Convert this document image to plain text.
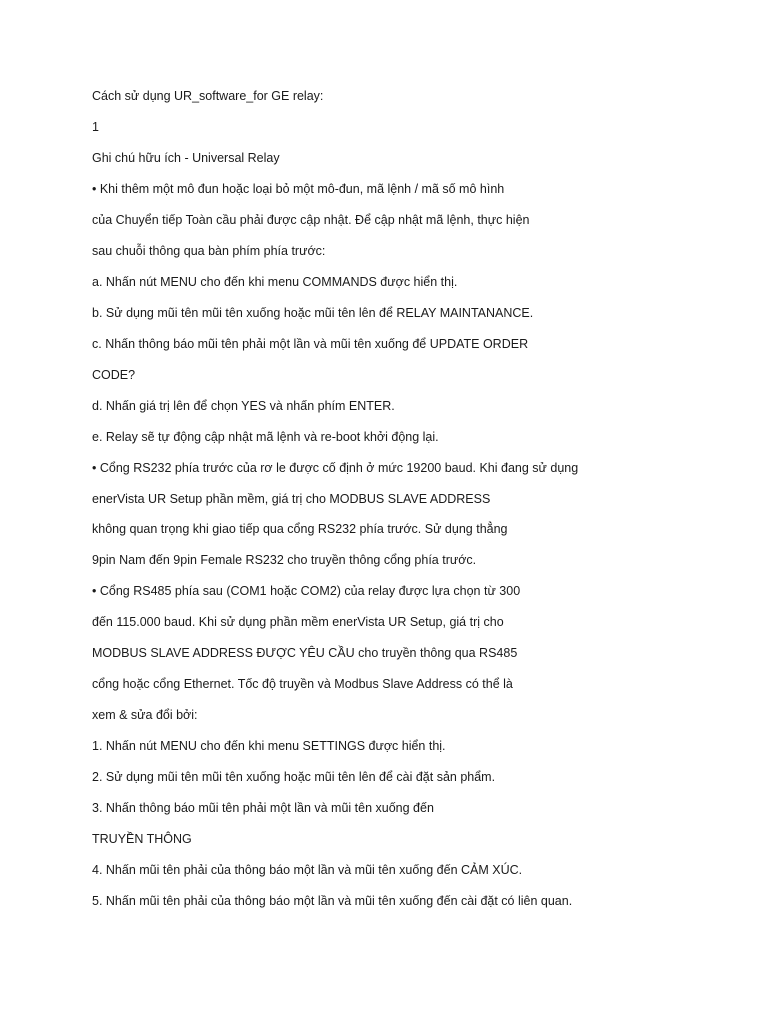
Cách sử dụng UR_software_for GE relay:

1

Ghi chú hữu ích - Universal Relay

• Khi thêm một mô đun hoặc loại bỏ một mô-đun, mã lệnh / mã số mô hình

của Chuyển tiếp Toàn cầu phải được cập nhật. Để cập nhật mã lệnh, thực hiện

sau chuỗi thông qua bàn phím phía trước:

a. Nhấn nút MENU cho đến khi menu COMMANDS được hiển thị.

b. Sử dụng mũi tên mũi tên xuống hoặc mũi tên lên để RELAY MAINTANANCE.

c. Nhấn thông báo mũi tên phải một lần và mũi tên xuống để UPDATE ORDER

CODE?

d. Nhấn giá trị lên để chọn YES và nhấn phím ENTER.

e. Relay sẽ tự động cập nhật mã lệnh và re-boot khởi động lại.

• Cổng RS232 phía trước của rơ le được cố định ở mức 19200 baud. Khi đang sử dụng

enerVista UR Setup phần mềm, giá trị cho MODBUS SLAVE ADDRESS

không quan trọng khi giao tiếp qua cổng RS232 phía trước. Sử dụng thẳng

9pin Nam đến 9pin Female RS232 cho truyền thông cổng phía trước.

• Cổng RS485 phía sau (COM1 hoặc COM2) của relay được lựa chọn từ 300

đến 115.000 baud. Khi sử dụng phần mềm enerVista UR Setup, giá trị cho

MODBUS SLAVE ADDRESS ĐƯỢC YÊU CẦU cho truyền thông qua RS485

cổng hoặc cổng Ethernet. Tốc độ truyền và Modbus Slave Address có thể là

xem & sửa đổi bởi:

1. Nhấn nút MENU cho đến khi menu SETTINGS được hiển thị.

2. Sử dụng mũi tên mũi tên xuống hoặc mũi tên lên để cài đặt sản phẩm.

3. Nhấn thông báo mũi tên phải một lần và mũi tên xuống đến

TRUYỀN THÔNG

4. Nhấn mũi tên phải của thông báo một lần và mũi tên xuống đến CẢM XÚC.

5. Nhấn mũi tên phải của thông báo một lần và mũi tên xuống đến cài đặt có liên quan.
